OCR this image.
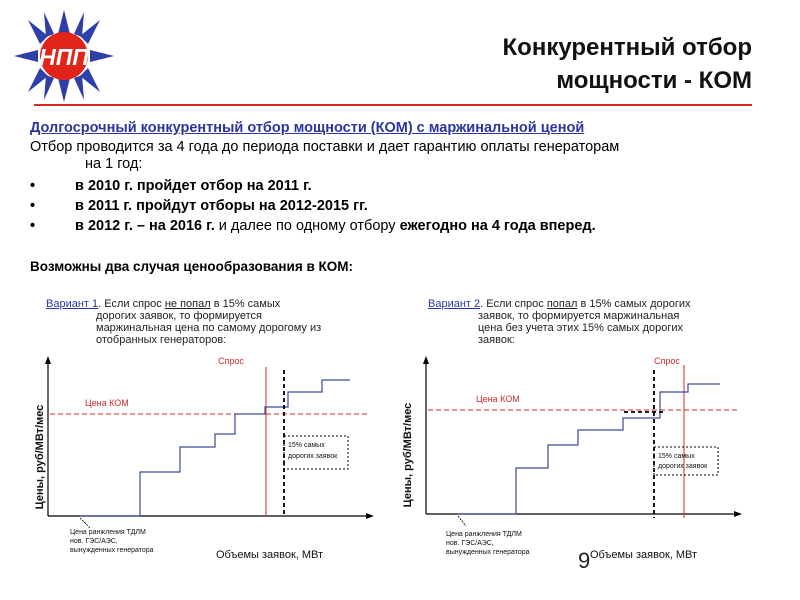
НПП	Конкурентный отбор
мощности - КОМ
Долгосрочный конкурентный отбор мощности (КОМ) с маржинальной ценой
Отбор проводится за 4 года до периода поставки и дает гарантию оплаты генераторам
на 1 год:
•	в 2010 г. пройдет отбор на 2011 г.
•	в 2011 г. пройдут отборы на 2012-2015 гг.
•	в 2012 г. – на 2016 г. и далее по одному отбору ежегодно на 4 года вперед.
Возможны два случая ценообразования в КОМ:
Вариант 1. Если спрос не попал в 15% самых
дорогих заявок, то формируется
маржинальная цена по самому дорогому из
отобранных генераторов:
Вариант 2. Если спрос попал в 15% самых дорогих
заявок, то формируется маржинальная
цена без учета этих 15% самых дорогих
заявок:
Цены, руб/МВт/мес
Цена КОМ
Спрос
15% самых
дорогих заявок
Цена ранжления ТДЛМ
нов. ГЭС/АЭС,
вынужденных генератора	Объемы заявок, МВт
Цены, руб/МВт/мес
Цена КОМ
Спрос
15% самых
дорогих заявок
Цена ранжления ТДЛМ
нов. ГЭС/АЭС,
вынужденных генератора	Объемы заявок, МВт
9
